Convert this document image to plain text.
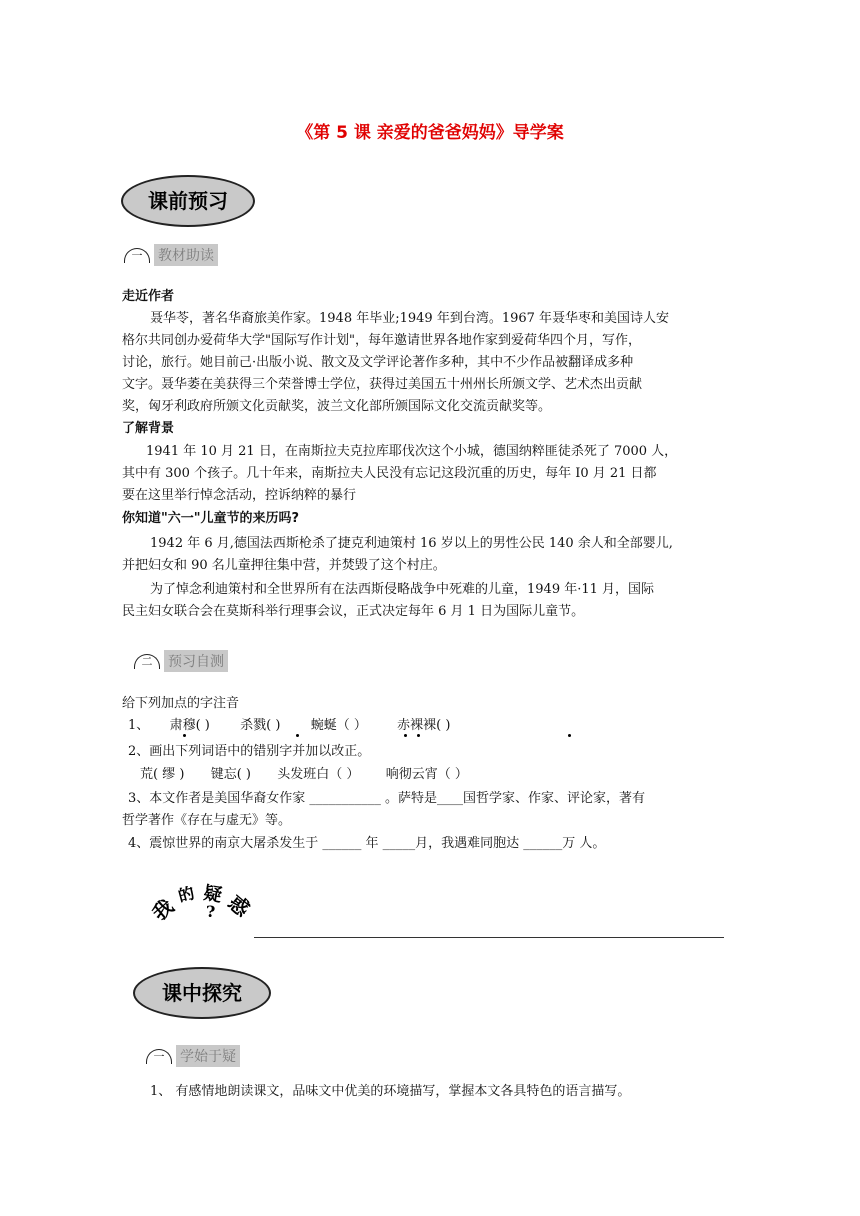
《第 5 课 亲爱的爸爸妈妈》导学案
课前预习
一	教材助读
走近作者
聂华苓，著名华裔旅美作家。1948 年毕业;1949 年到台湾。1967 年聂华枣和美国诗人安
格尔共同创办爱荷华大学"国际写作计划"，每年邀请世界各地作家到爱荷华四个月，写作，
讨论，旅行。她目前己·出版小说、散文及文学评论著作多种，其中不少作品被翻译成多种
文字。聂华萎在美获得三个荣誉博士学位，获得过美国五十州州长所颁文学、艺术杰出贡献
奖，匈牙利政府所颁文化贡献奖，波兰文化部所颁国际文化交流贡献奖等。
了解背景
1941 年 10 月 21 日，在南斯拉夫克拉库耶伐次这个小城，德国纳粹匪徒杀死了 7000 人，
其中有 300 个孩子。几十年来，南斯拉夫人民没有忘记这段沉重的历史，每年 I0 月 21 日都
要在这里举行悼念活动，控诉纳粹的暴行
你知道"六一"儿童节的来历吗?
1942 年 6 月,德国法西斯枪杀了捷克利迪策村 16 岁以上的男性公民 140 余人和全部婴儿,
并把妇女和 90 名儿童押往集中营，并焚毁了这个村庄。
为了悼念利迪策村和全世界所有在法西斯侵略战争中死难的儿童，1949 年·11 月，国际
民主妇女联合会在莫斯科举行理事会议，正式决定每年 6 月 1 日为国际儿童节。
二	预习自测
给下列加点的字注音
1、 肃穆( ) 杀戮( ) 蜿蜒（ ） 赤裸裸( )
2、画出下列词语中的错别字并加以改正。
荒( 缪 ) 键忘( ) 头发班白（ ） 响彻云宵（ ）
3、本文作者是美国华裔女作家 ___________ 。萨特是____国哲学家、作家、评论家，著有
哲学著作《存在与虚无》等。
4、震惊世界的南京大屠杀发生于 ______ 年 _____月，我遇难同胞达 ______万 人。
我
的 疑 惑
?
课中探究
一	学始于疑
1、 有感情地朗读课文，品味文中优美的环境描写，掌握本文各具特色的语言描写。
